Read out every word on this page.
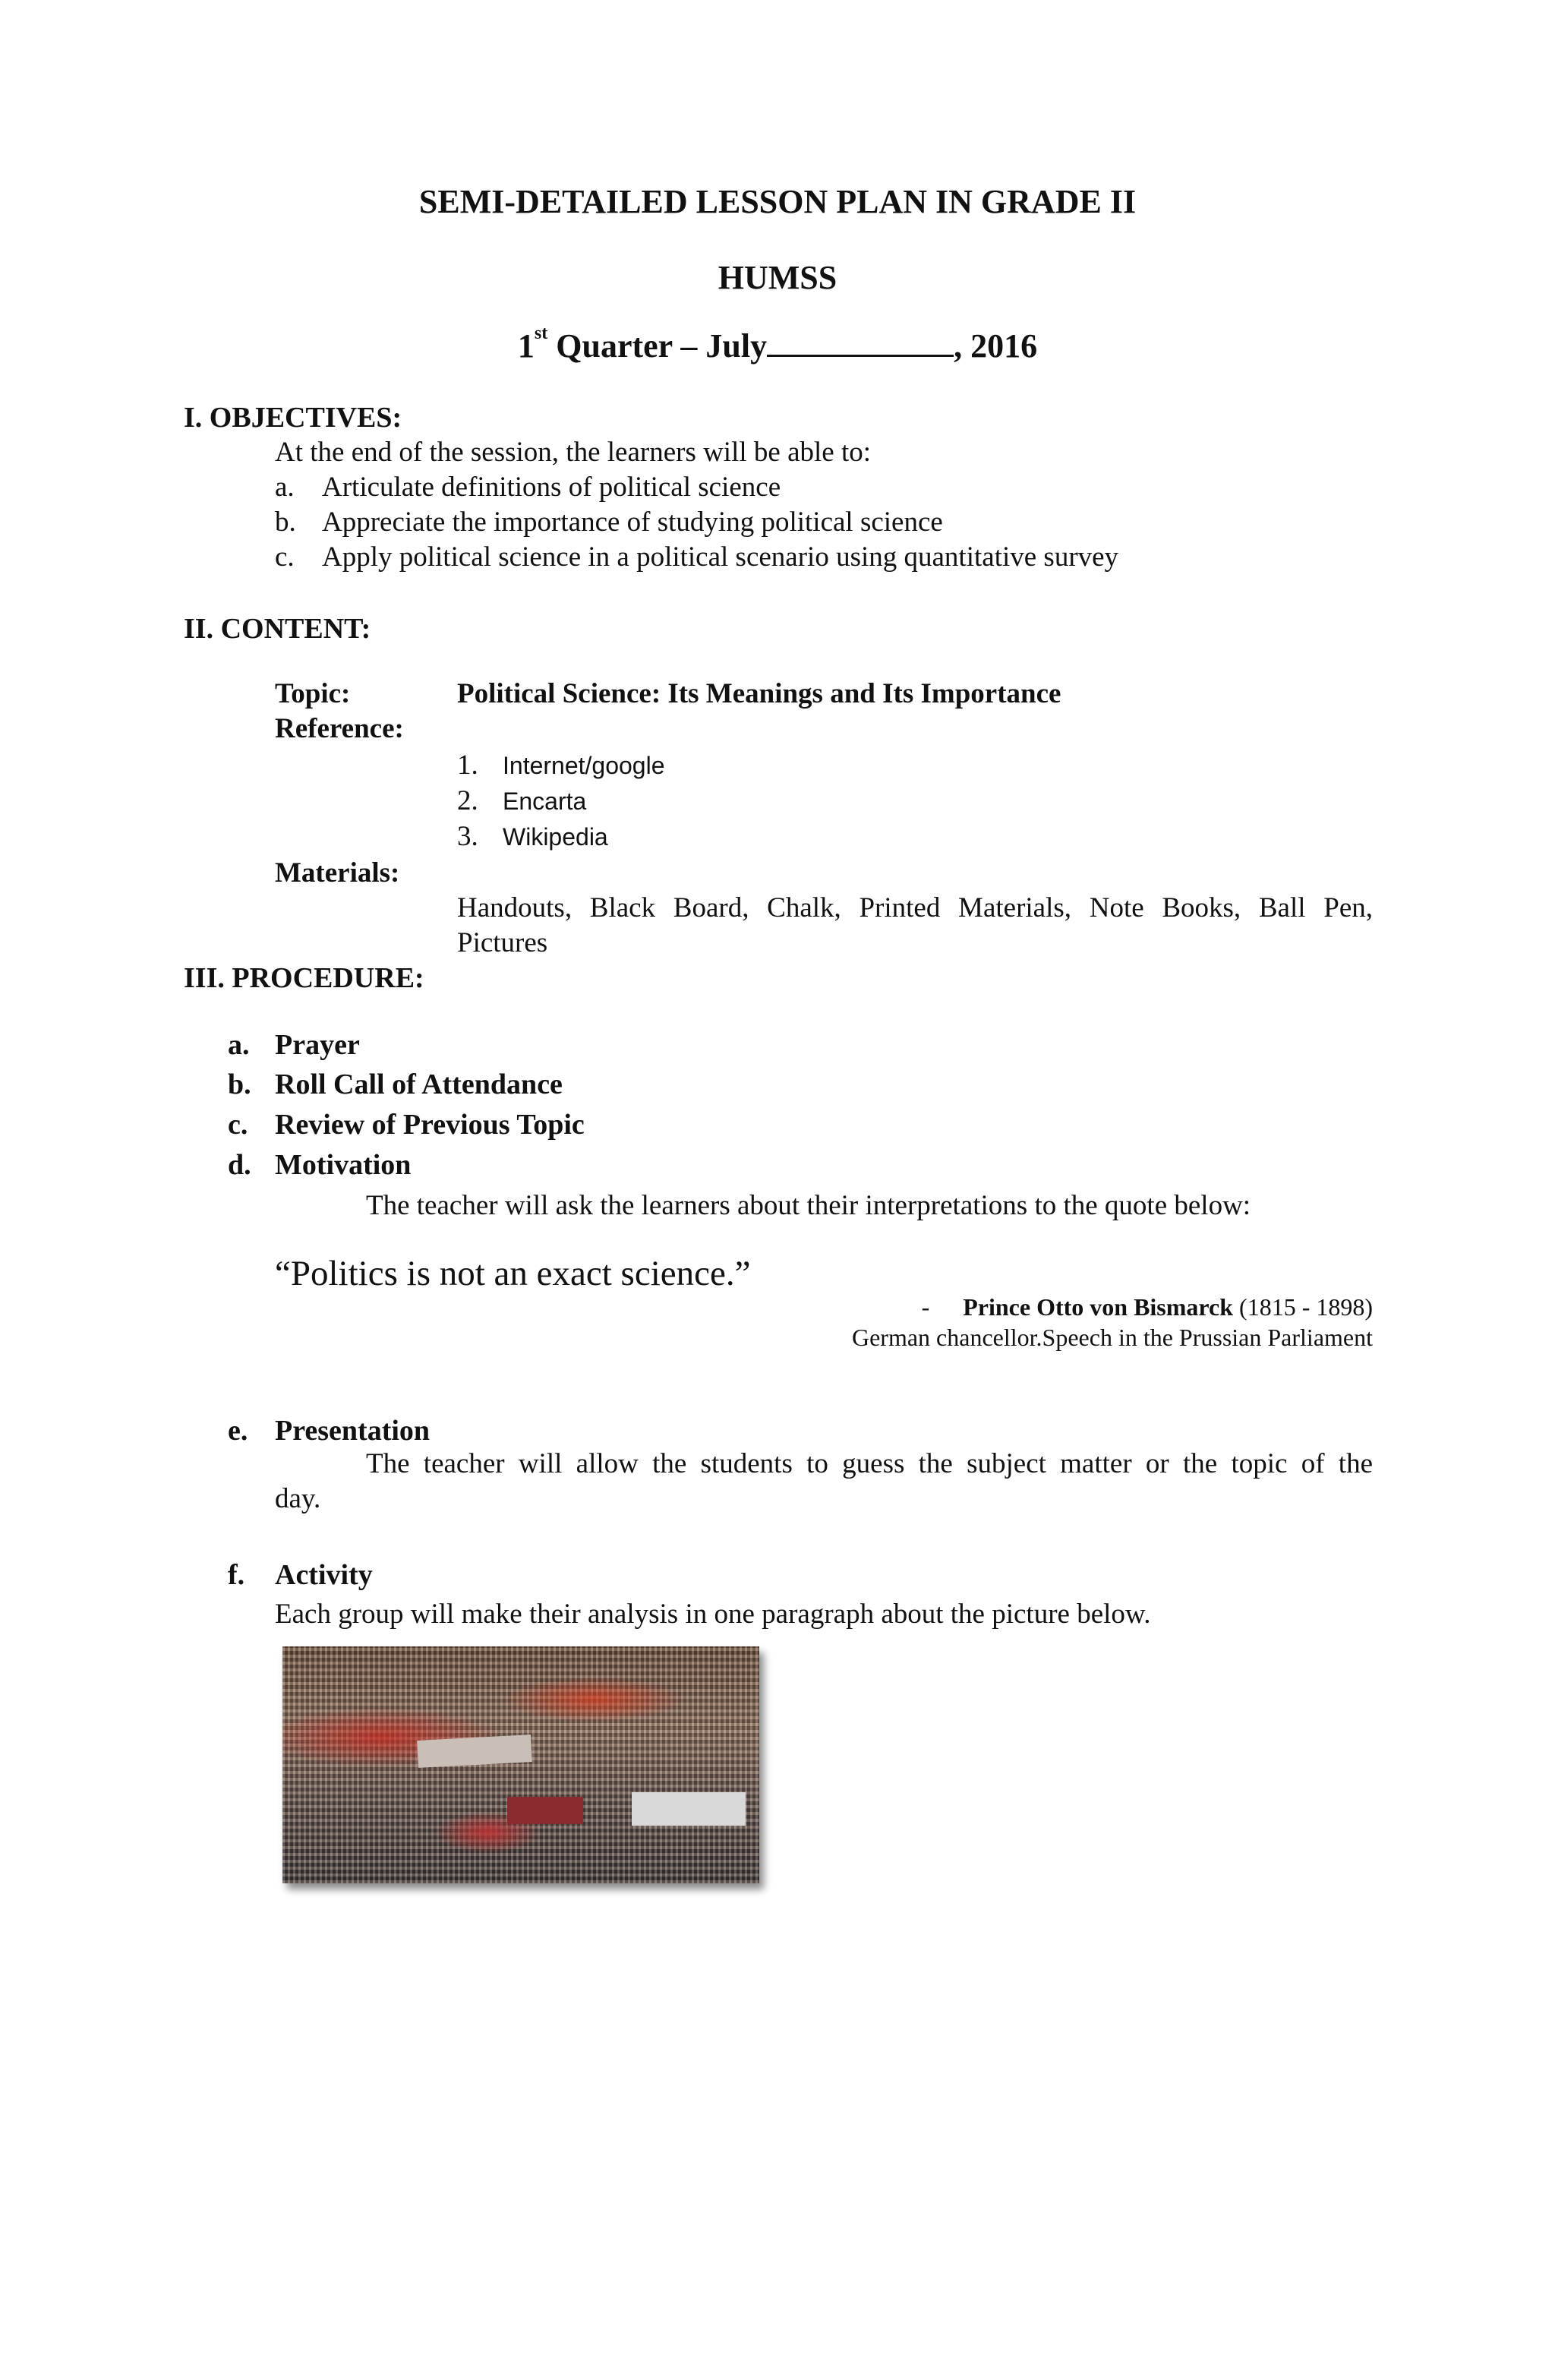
SEMI-DETAILED LESSON PLAN IN GRADE II
HUMSS
1st Quarter – July	, 2016
I. OBJECTIVES:
At the end of the session, the learners will be able to:
a. Articulate definitions of political science
b. Appreciate the importance of studying political science
c. Apply political science in a political scenario using quantitative survey
II. CONTENT:
Topic:	Political Science: Its Meanings and Its Importance
Reference:
1. Internet/google
2. Encarta
3. Wikipedia
Materials:
Handouts, Black Board, Chalk, Printed Materials, Note Books, Ball Pen,
Pictures
III. PROCEDURE:
a. Prayer
b. Roll Call of Attendance
c. Review of Previous Topic
d. Motivation
The teacher will ask the learners about their interpretations to the quote below:
“Politics is not an exact science.”
- Prince Otto von Bismarck (1815 - 1898)
German chancellor.Speech in the Prussian Parliament
e. Presentation
The teacher will allow the students to guess the subject matter or the topic of the
day.
f. Activity
Each group will make their analysis in one paragraph about the picture below.
